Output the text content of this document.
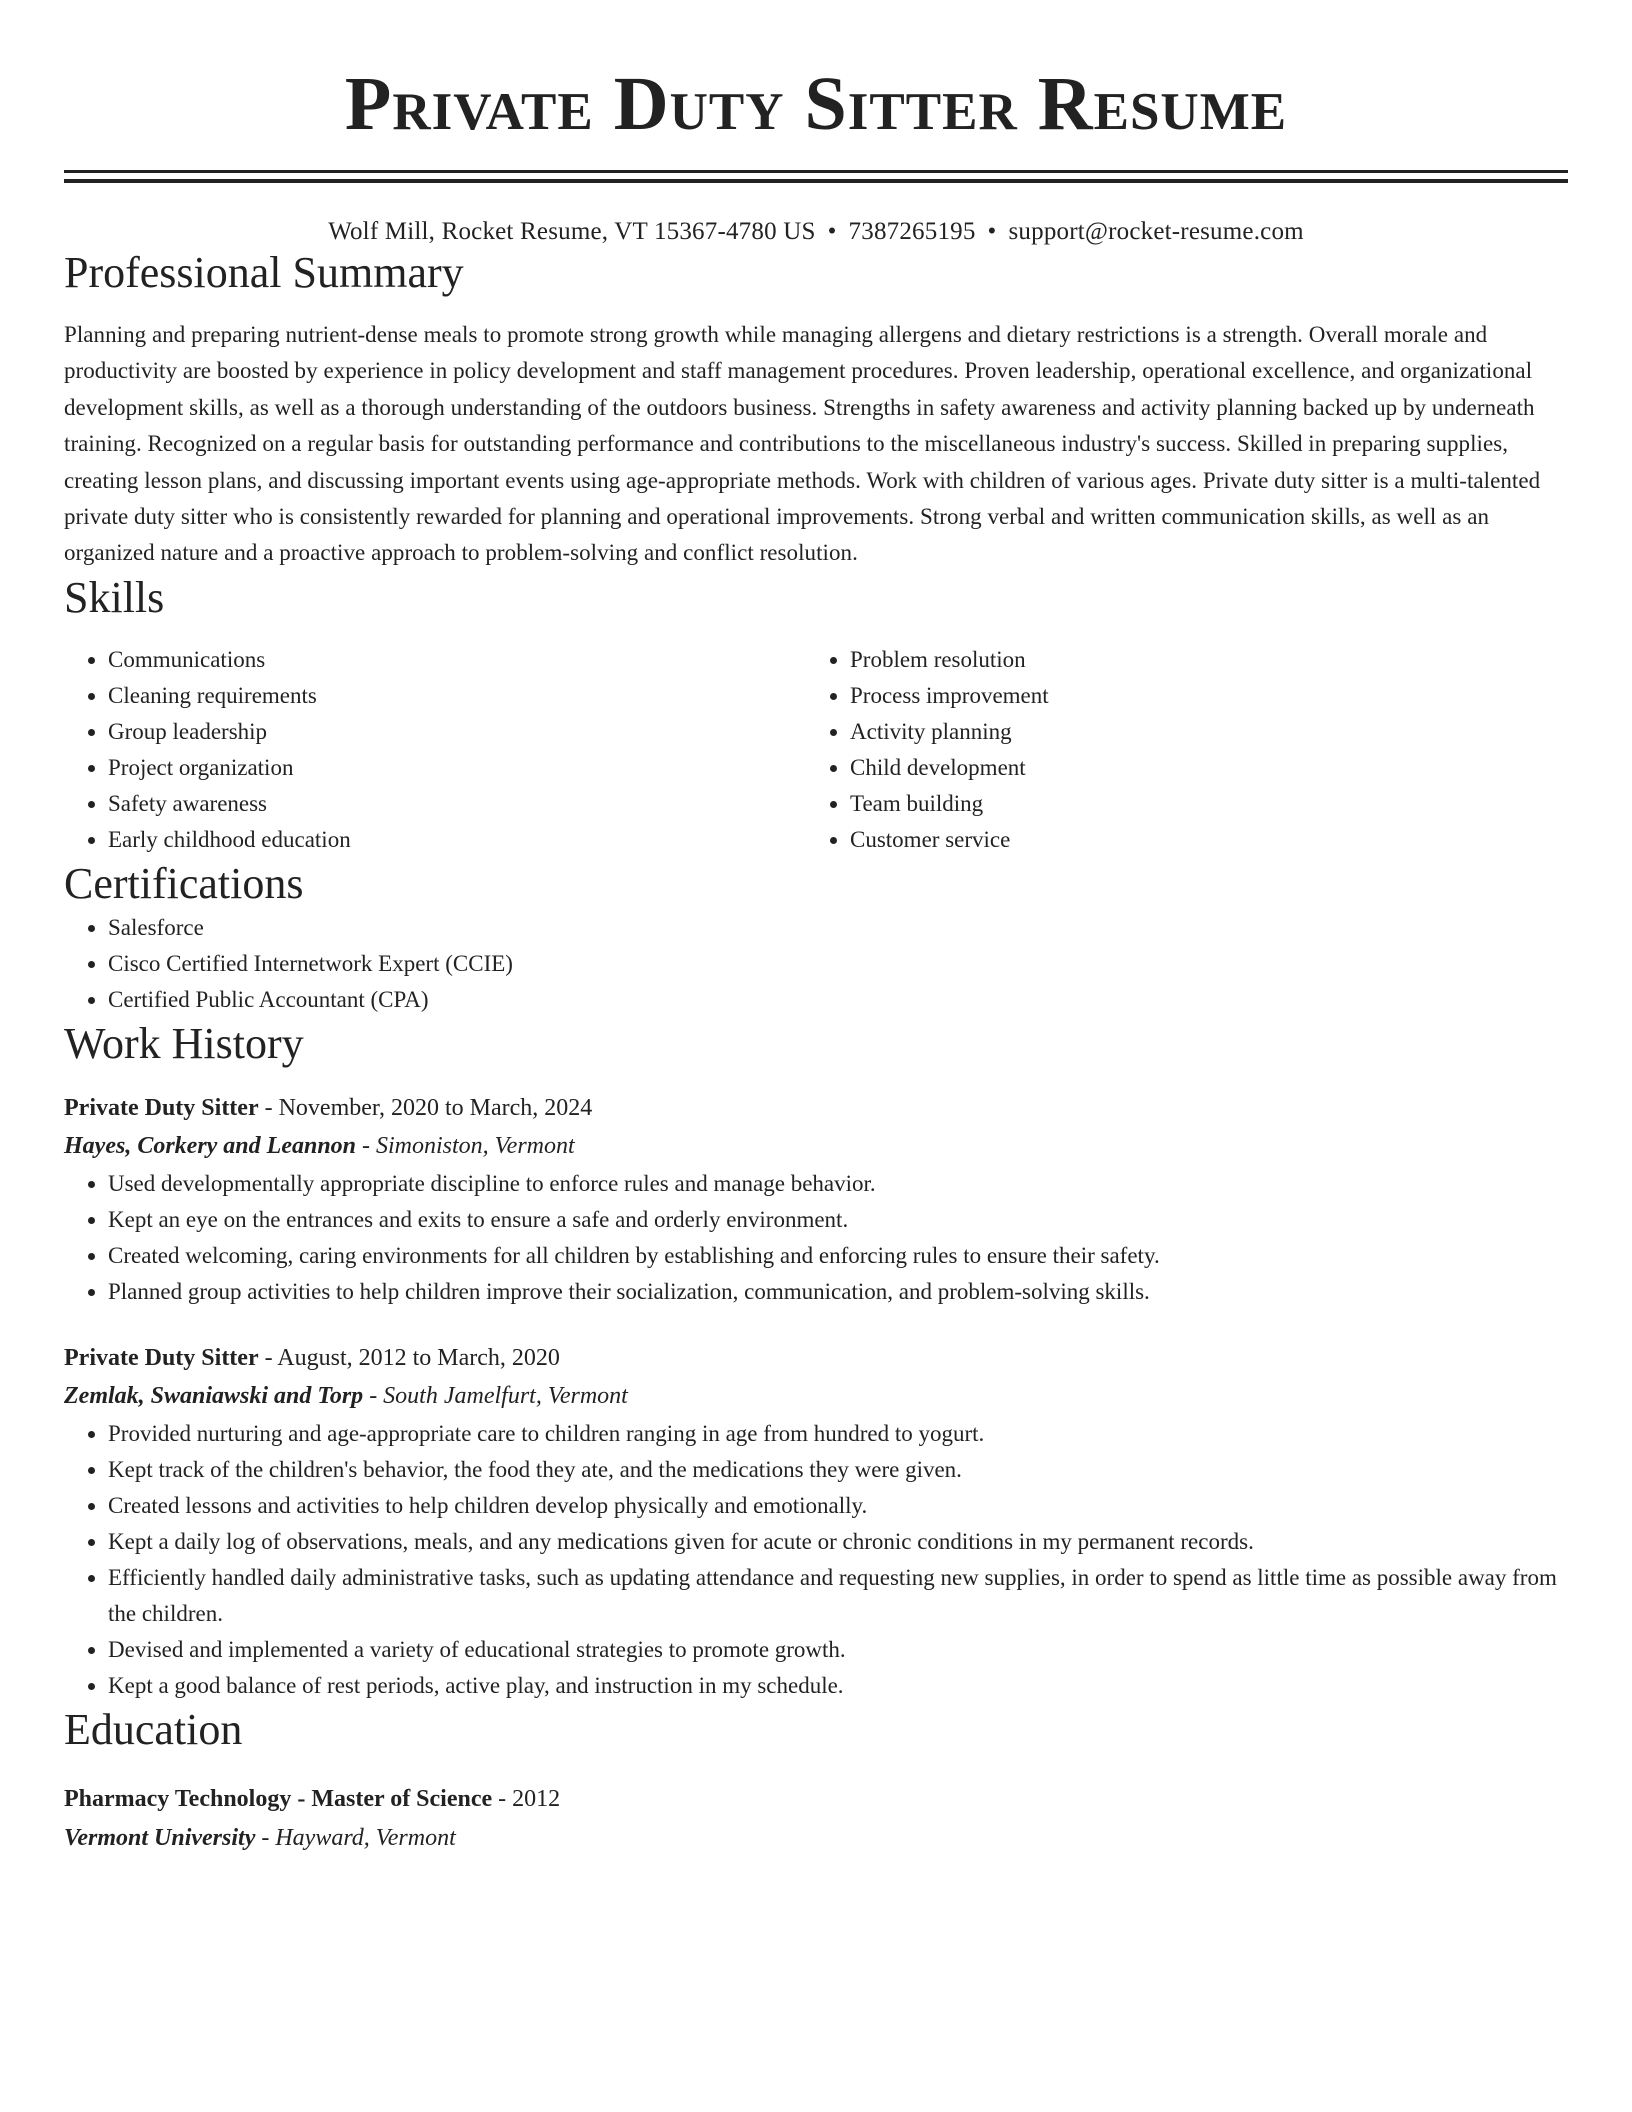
Private Duty Sitter Resume
Wolf Mill, Rocket Resume, VT 15367-4780 US • 7387265195 • support@rocket-resume.com
Professional Summary

Planning and preparing nutrient-dense meals to promote strong growth while managing allergens and dietary restrictions is a strength. Overall morale and productivity are boosted by experience in policy development and staff management procedures. Proven leadership, operational excellence, and organizational development skills, as well as a thorough understanding of the outdoors business. Strengths in safety awareness and activity planning backed up by underneath training. Recognized on a regular basis for outstanding performance and contributions to the miscellaneous industry's success. Skilled in preparing supplies, creating lesson plans, and discussing important events using age-appropriate methods. Work with children of various ages. Private duty sitter is a multi-talented private duty sitter who is consistently rewarded for planning and operational improvements. Strong verbal and written communication skills, as well as an organized nature and a proactive approach to problem-solving and conflict resolution.

Skills
• Communications
• Cleaning requirements
• Group leadership
• Project organization
• Safety awareness
• Early childhood education
• Problem resolution
• Process improvement
• Activity planning
• Child development
• Team building
• Customer service
Certifications
• Salesforce
• Cisco Certified Internetwork Expert (CCIE)
• Certified Public Accountant (CPA)
Work History
Private Duty Sitter - November, 2020 to March, 2024
Hayes, Corkery and Leannon - Simoniston, Vermont
• Used developmentally appropriate discipline to enforce rules and manage behavior.
• Kept an eye on the entrances and exits to ensure a safe and orderly environment.
• Created welcoming, caring environments for all children by establishing and enforcing rules to ensure their safety.
• Planned group activities to help children improve their socialization, communication, and problem-solving skills.
Private Duty Sitter - August, 2012 to March, 2020
Zemlak, Swaniawski and Torp - South Jamelfurt, Vermont
• Provided nurturing and age-appropriate care to children ranging in age from hundred to yogurt.
• Kept track of the children's behavior, the food they ate, and the medications they were given.
• Created lessons and activities to help children develop physically and emotionally.
• Kept a daily log of observations, meals, and any medications given for acute or chronic conditions in my permanent records.
• Efficiently handled daily administrative tasks, such as updating attendance and requesting new supplies, in order to spend as little time as possible away from the children.
• Devised and implemented a variety of educational strategies to promote growth.
• Kept a good balance of rest periods, active play, and instruction in my schedule.
Education
Pharmacy Technology - Master of Science - 2012
Vermont University - Hayward, Vermont
